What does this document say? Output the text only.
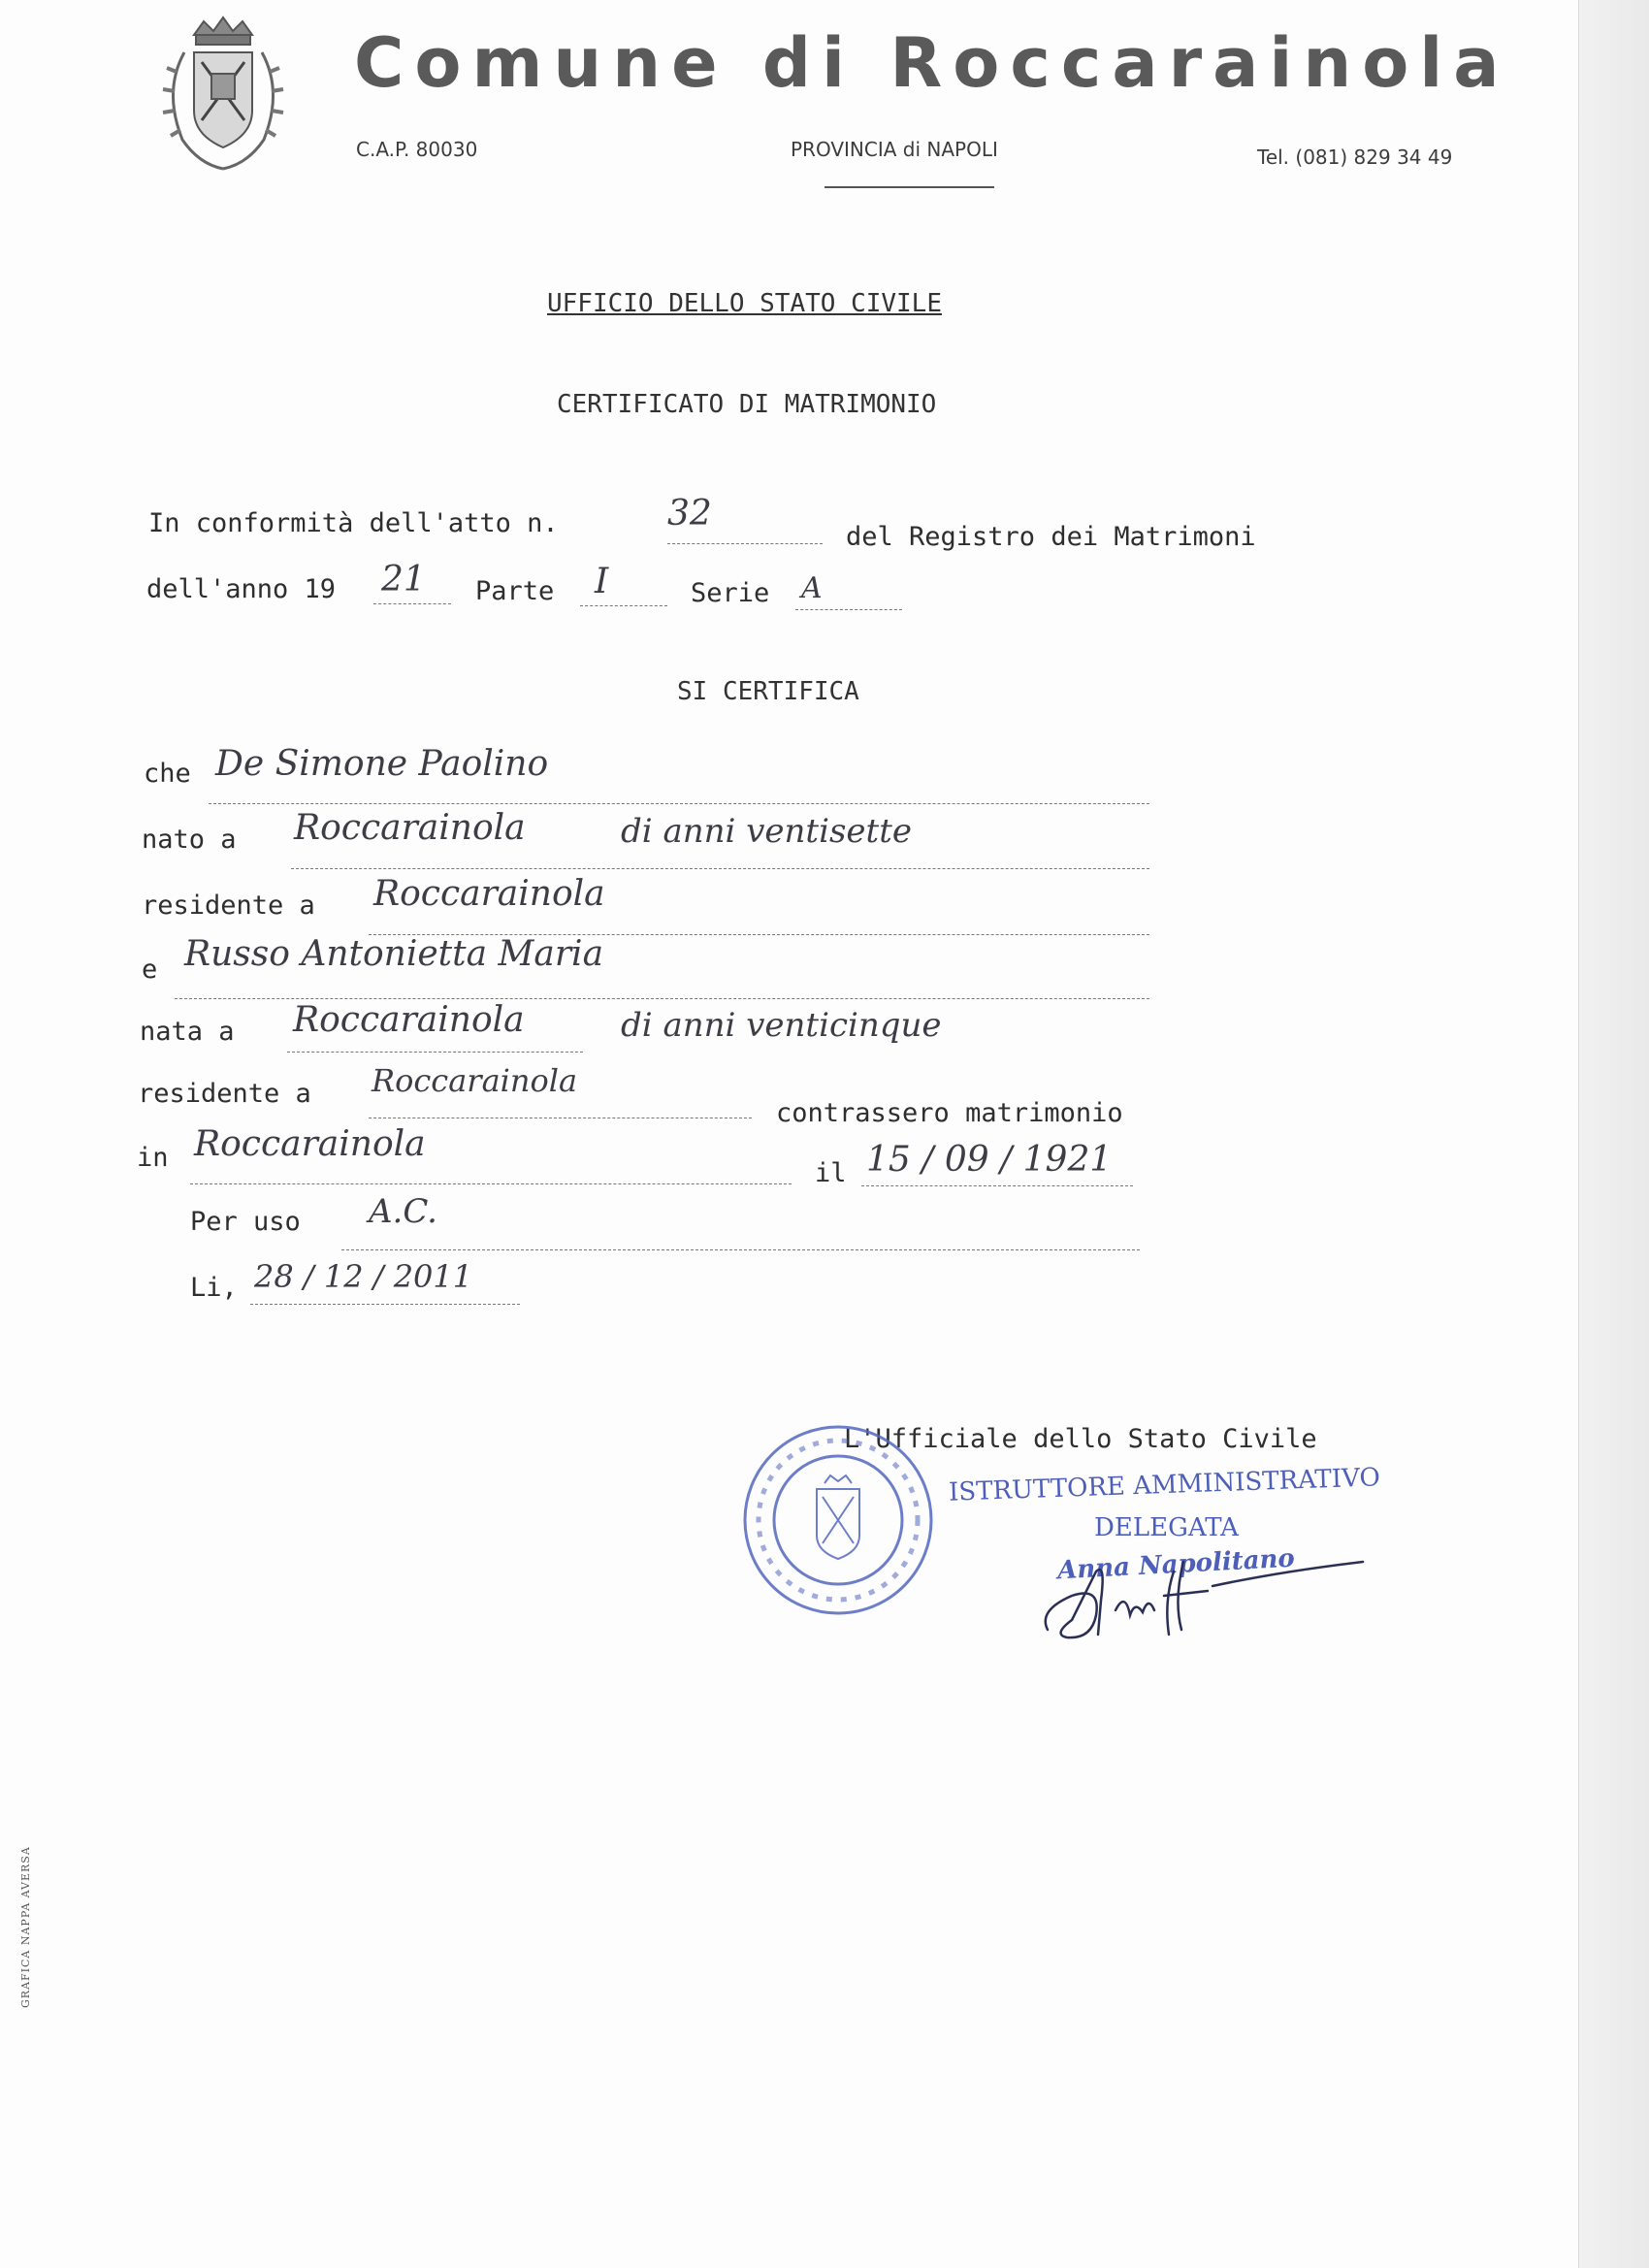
Comune di Roccarainola
C.A.P. 80030	PROVINCIA di NAPOLI	Tel. (081) 829 34 49
UFFICIO DELLO STATO CIVILE
CERTIFICATO DI MATRIMONIO
In conformità dell'atto n.	32
del Registro dei Matrimoni
dell'anno 19 21 Parte I	Serie A
SI CERTIFICA
che De Simone Paolino
nato a Roccarainola	di anni ventisette
residente a Roccarainola
e Russo Antonietta Maria
nata a Roccarainola	di anni venticinque
residente a Roccarainola
contrassero matrimonio
in Roccarainola
il 15 / 09 / 1921
Per uso A.C.
Li, 28 / 12 / 2011
L'Ufficiale dello Stato Civile
ISTRUTTORE AMMINISTRATIVO
DELEGATA
Anna Napolitano
GRAFICA NAPPA AVERSA
